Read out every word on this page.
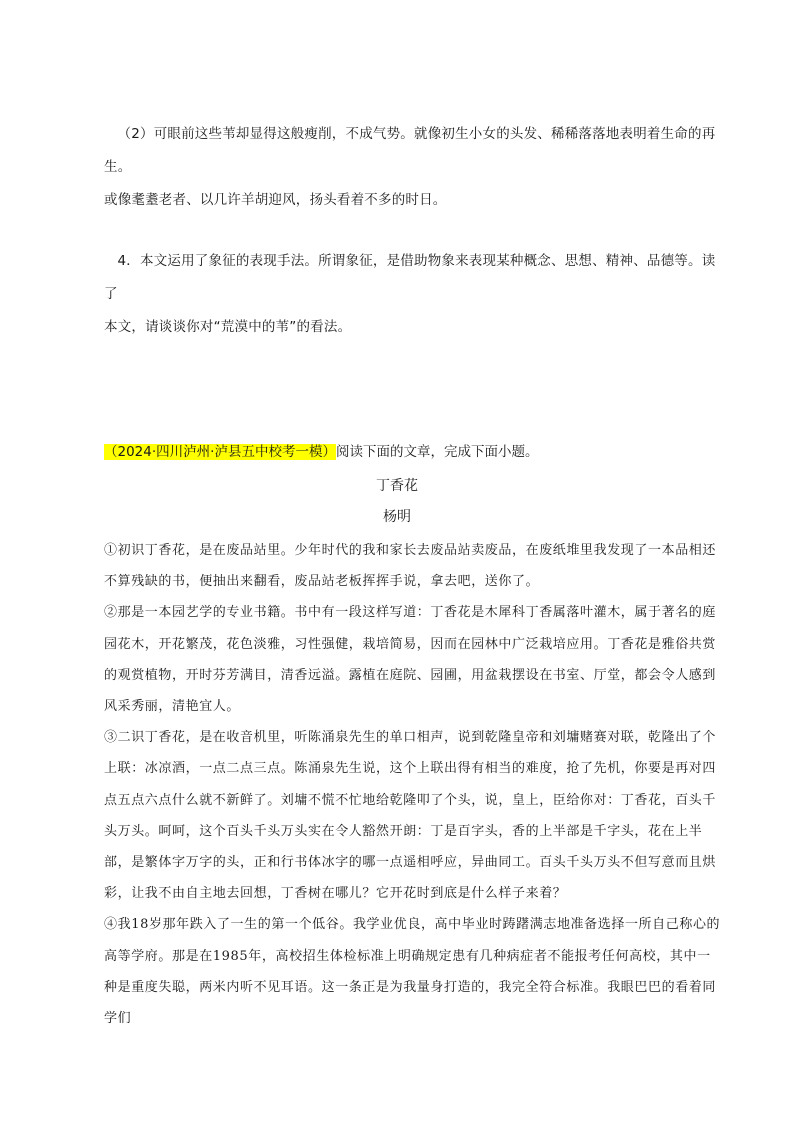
（2）可眼前这些苇却显得这般瘦削，不成气势。就像初生小女的头发、稀稀落落地表明着生命的再生。

或像耄耋老者、以几许羊胡迎风，扬头看着不多的时日。

4．本文运用了象征的表现手法。所谓象征，是借助物象来表现某种概念、思想、精神、品德等。读了

本文，请谈谈你对“荒漠中的苇”的看法。

（2024·四川泸州·泸县五中校考一模）阅读下面的文章，完成下面小题。
丁香花
杨明

①初识丁香花，是在废品站里。少年时代的我和家长去废品站卖废品，在废纸堆里我发现了一本品相还不算残缺的书，便抽出来翻看，废品站老板挥挥手说，拿去吧，送你了。

②那是一本园艺学的专业书籍。书中有一段这样写道：丁香花是木犀科丁香属落叶灌木，属于著名的庭园花木，开花繁茂，花色淡雅，习性强健，栽培简易，因而在园林中广泛栽培应用。丁香花是雅俗共赏的观赏植物，开时芬芳满目，清香远溢。露植在庭院、园圃，用盆栽摆设在书室、厅堂，都会令人感到风采秀丽，清艳宜人。

③二识丁香花，是在收音机里，听陈涌泉先生的单口相声，说到乾隆皇帝和刘墉赌赛对联，乾隆出了个上联：冰凉酒，一点二点三点。陈涌泉先生说，这个上联出得有相当的难度，抢了先机，你要是再对四点五点六点什么就不新鲜了。刘墉不慌不忙地给乾隆叩了个头，说，皇上，臣给你对：丁香花，百头千头万头。呵呵，这个百头千头万头实在令人豁然开朗：丁是百字头，香的上半部是千字头，花在上半部，是繁体字万字的头，正和行书体冰字的哪一点遥相呼应，异曲同工。百头千头万头不但写意而且烘彩，让我不由自主地去回想，丁香树在哪儿？它开花时到底是什么样子来着？

④我18岁那年跌入了一生的第一个低谷。我学业优良，高中毕业时踌躇满志地准备选择一所自己称心的高等学府。那是在1985年，高校招生体检标准上明确规定患有几种病症者不能报考任何高校，其中一种是重度失聪，两米内听不见耳语。这一条正是为我量身打造的，我完全符合标准。我眼巴巴的看着同学们
